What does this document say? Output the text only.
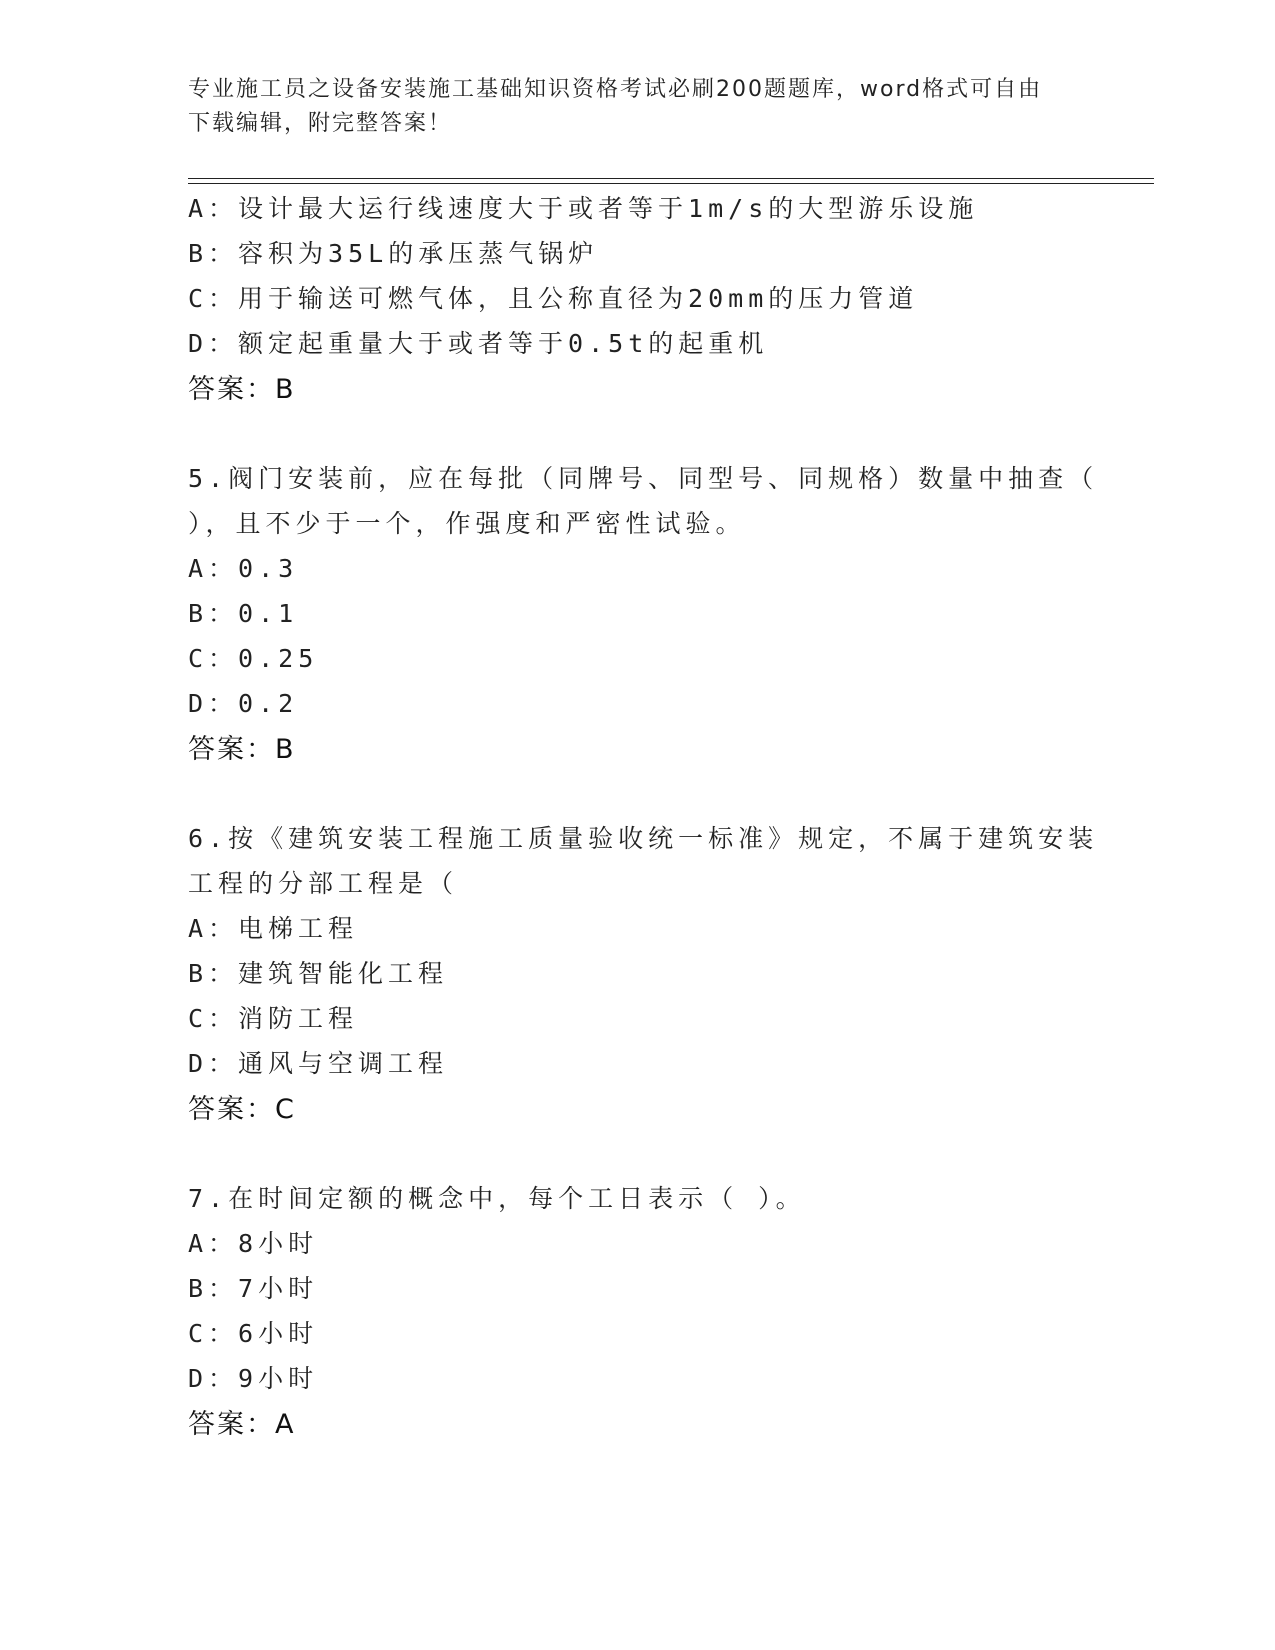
专业施工员之设备安装施工基础知识资格考试必刷200题题库，word格式可自由
下载编辑，附完整答案！
A：设计最大运行线速度大于或者等于1m/s的大型游乐设施
B：容积为35L的承压蒸气锅炉
C：用于输送可燃气体，且公称直径为20mm的压力管道
D：额定起重量大于或者等于0.5t的起重机
答案：B
5.阀门安装前，应在每批（同牌号、同型号、同规格）数量中抽查（
），且不少于一个，作强度和严密性试验。
A：0.3
B：0.1
C：0.25
D：0.2
答案：B
6.按《建筑安装工程施工质量验收统一标准》规定，不属于建筑安装
工程的分部工程是（
A：电梯工程
B：建筑智能化工程
C：消防工程
D：通风与空调工程
答案：C
7.在时间定额的概念中，每个工日表示（ ）。
A：8小时
B：7小时
C：6小时
D：9小时
答案：A
